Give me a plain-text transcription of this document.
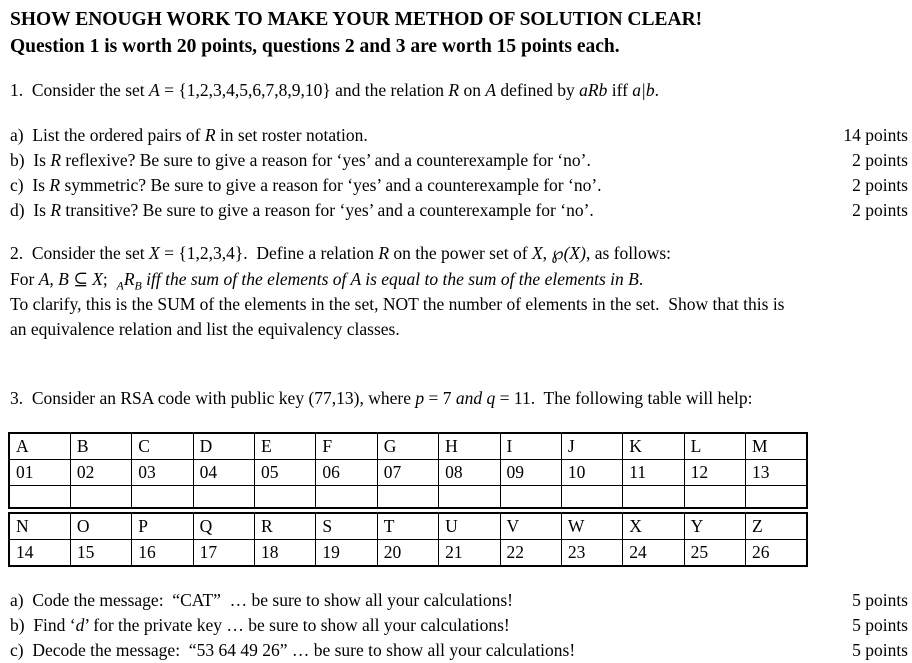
SHOW ENOUGH WORK TO MAKE YOUR METHOD OF SOLUTION CLEAR!

Question 1 is worth 20 points, questions 2 and 3 are worth 15 points each.

1.  Consider the set A = {1,2,3,4,5,6,7,8,9,10} and the relation R on A defined by aRb iff a|b.

a)  List the ordered pairs of R in set roster notation.	14 points
b)  Is R reflexive? Be sure to give a reason for ‘yes’ and a counterexample for ‘no’.	2 points
c)  Is R symmetric? Be sure to give a reason for ‘yes’ and a counterexample for ‘no’.	2 points
d)  Is R transitive? Be sure to give a reason for ‘yes’ and a counterexample for ‘no’.	2 points

2.  Consider the set X = {1,2,3,4}.  Define a relation R on the power set of X, ℘(X), as follows:

For A, B ⊆ X;  $_AR_B$ iff the sum of the elements of A is equal to the sum of the elements in B.

To clarify, this is the SUM of the elements in the set, NOT the number of elements in the set.  Show that this is

an equivalence relation and list the equivalency classes.

3.  Consider an RSA code with public key (77,13), where p = 7 and q = 11.  The following table will help:

A	B	C	D	E	F	G	H	I	J	K	L	M
01	02	03	04	05	06	07	08	09	10	11	12	13

N	O	P	Q	R	S	T	U	V	W	X	Y	Z
14	15	16	17	18	19	20	21	22	23	24	25	26
a)  Code the message:  “CAT”  … be sure to show all your calculations!	5 points
b)  Find ‘d’ for the private key … be sure to show all your calculations!	5 points
c)  Decode the message:  “53 64 49 26” … be sure to show all your calculations!	5 points
